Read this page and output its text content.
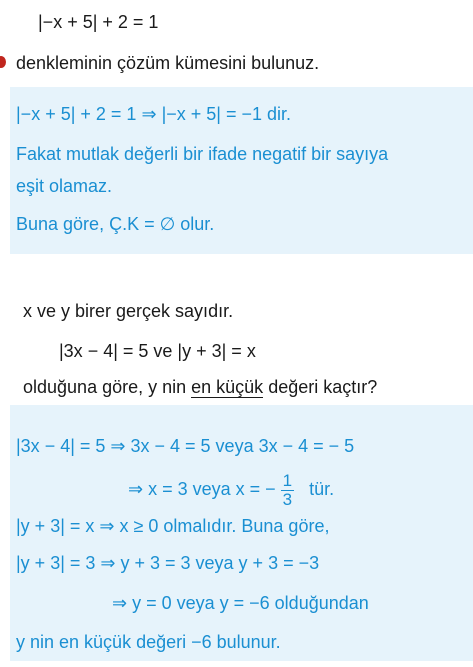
|−x + 5| + 2 = 1
denkleminin çözüm kümesini bulunuz.
|−x + 5| + 2 = 1 ⇒ |−x + 5| = −1 dir.
Fakat mutlak değerli bir ifade negatif bir sayıya
eşit olamaz.
Buna göre, Ç.K = ∅ olur.
x ve y birer gerçek sayıdır.
|3x − 4| = 5 ve |y + 3| = x
olduğuna göre, y nin en küçük değeri kaçtır?
|3x − 4| = 5 ⇒ 3x − 4 = 5 veya 3x − 4 = − 5
⇒ x = 3 veya x = − $\frac{1}{3}$ tür.
|y + 3| = x ⇒ x ≥ 0 olmalıdır. Buna göre,
|y + 3| = 3 ⇒ y + 3 = 3 veya y + 3 = −3
⇒ y = 0 veya y = −6 olduğundan
y nin en küçük değeri −6 bulunur.
